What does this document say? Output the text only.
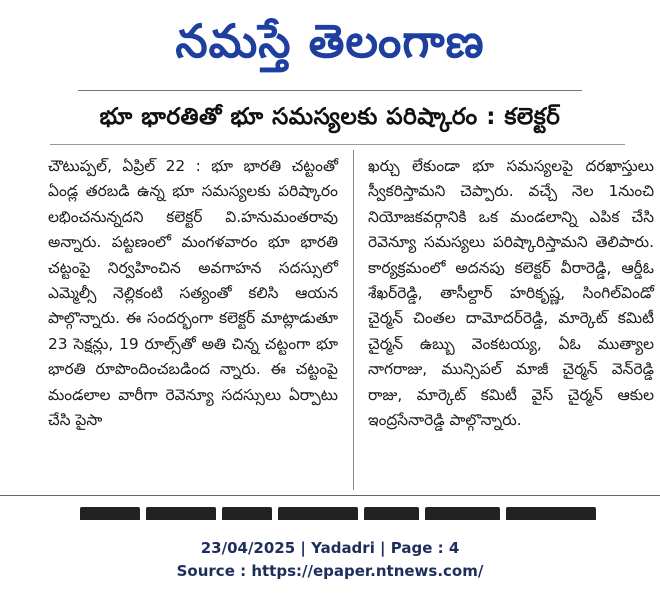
నమస్తే తెలంగాణ
భూ భారతితో భూ సమస్యలకు పరిష్కారం : కలెక్టర్
చౌటుప్పల్, ఏప్రిల్ 22 : భూ భారతి చట్టంతో ఏండ్ల తరబడి ఉన్న భూ సమస్యలకు పరిష్కారం లభించనున్నదని కలెక్టర్ వి.హనుమంతరావు అన్నారు. పట్టణంలో మంగళవారం భూ భారతి చట్టంపై నిర్వహించిన అవగాహన సదస్సులో ఎమ్మెల్సీ నెల్లికంటి సత్యంతో కలిసి ఆయన పాల్గొన్నారు. ఈ సందర్భంగా కలెక్టర్ మాట్లాడుతూ 23 సెక్షన్లు, 19 రూల్స్‌తో అతి చిన్న చట్టంగా భూ భారతి రూపొందించబడింద న్నారు. ఈ చట్టంపై మండలాల వారీగా రెవెన్యూ సదస్సులు ఏర్పాటు చేసి పైసా
ఖర్చు లేకుండా భూ సమస్యలపై దరఖాస్తులు స్వీకరిస్తామని చెప్పారు. వచ్చే నెల 1నుంచి నియోజకవర్గానికి ఒక మండలాన్ని ఎపిక చేసి రెవెన్యూ సమస్యలు పరిష్కారిస్తామని తెలిపారు. కార్యక్రమంలో అదనపు కలెక్టర్ వీరారెడ్డి, ఆర్డీఓ శేఖర్‌రెడ్డి, తాసీల్దార్ హరికృష్ణ, సింగిల్‌విండో చైర్మన్ చింతల దామోదర్‌రెడ్డి, మార్కెట్ కమిటీ చైర్మన్ ఉబ్బు వెంకటయ్య, ఏఓ ముత్యాల నాగరాజు, మున్సిపల్ మాజీ చైర్మన్ వెన్‌రెడ్డి రాజు, మార్కెట్ కమిటీ వైస్ చైర్మన్ ఆకుల ఇంద్రసేనారెడ్డి పాల్గొన్నారు.
23/04/2025 | Yadadri | Page : 4
Source : https://epaper.ntnews.com/
